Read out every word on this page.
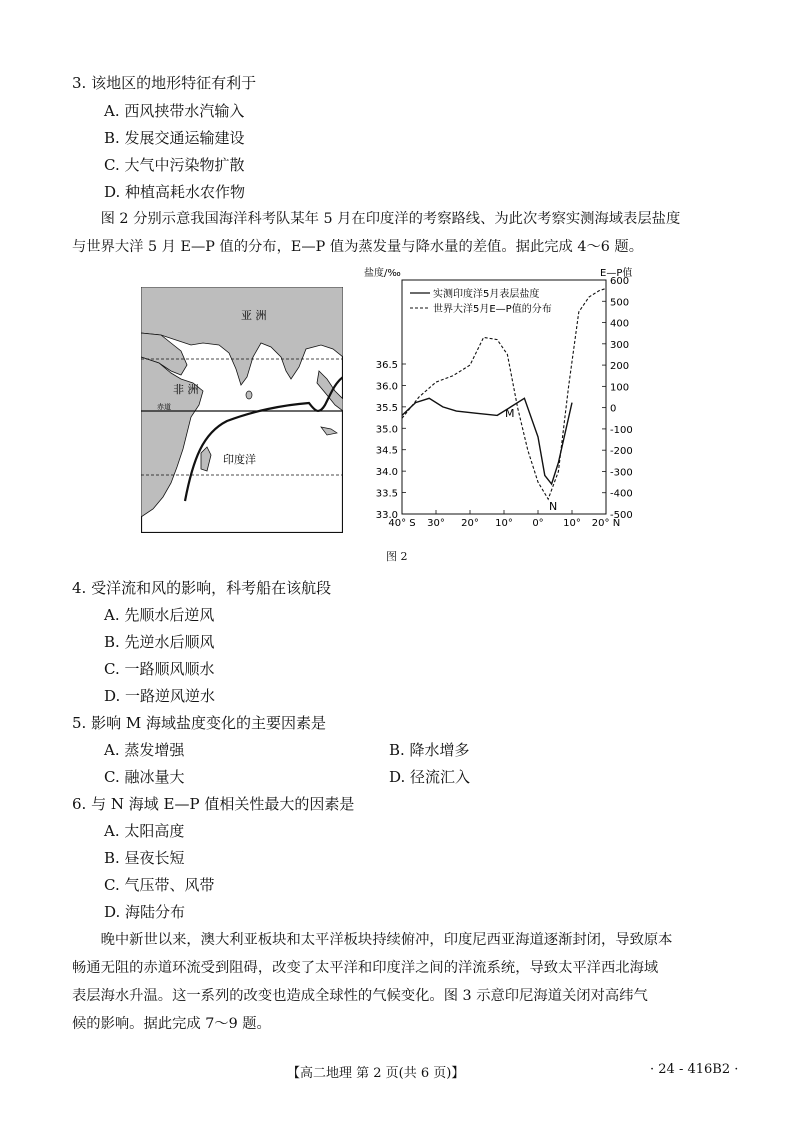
3. 该地区的地形特征有利于
A. 西风挟带水汽输入
B. 发展交通运输建设
C. 大气中污染物扩散
D. 种植高耗水农作物
图 2 分别示意我国海洋科考队某年 5 月在印度洋的考察路线、为此次考察实测海域表层盐度
与世界大洋 5 月 E—P 值的分布，E—P 值为蒸发量与降水量的差值。据此完成 4～6 题。
亚 洲
非 洲
赤道
印度洋
盐度/‰	E—P值
实测印度洋5月表层盐度
世界大洋5月E—P值的分布
M
N
33.0
33.5
34.0
34.5
35.0
35.5
36.0
36.5
600
500
400
300
200
100
0
-100
-200
-300
-400
-500
40° S 30° 20° 10° 0° 10° 20° N
图 2
4. 受洋流和风的影响，科考船在该航段
A. 先顺水后逆风
B. 先逆水后顺风
C. 一路顺风顺水
D. 一路逆风逆水
5. 影响 M 海域盐度变化的主要因素是
A. 蒸发增强	B. 降水增多
C. 融冰量大	D. 径流汇入
6. 与 N 海域 E—P 值相关性最大的因素是
A. 太阳高度
B. 昼夜长短
C. 气压带、风带
D. 海陆分布
晚中新世以来，澳大利亚板块和太平洋板块持续俯冲，印度尼西亚海道逐渐封闭，导致原本
畅通无阻的赤道环流受到阻碍，改变了太平洋和印度洋之间的洋流系统，导致太平洋西北海域
表层海水升温。这一系列的改变也造成全球性的气候变化。图 3 示意印尼海道关闭对高纬气
候的影响。据此完成 7～9 题。
【高二地理 第 2 页(共 6 页)】	· 24 - 416B2 ·
